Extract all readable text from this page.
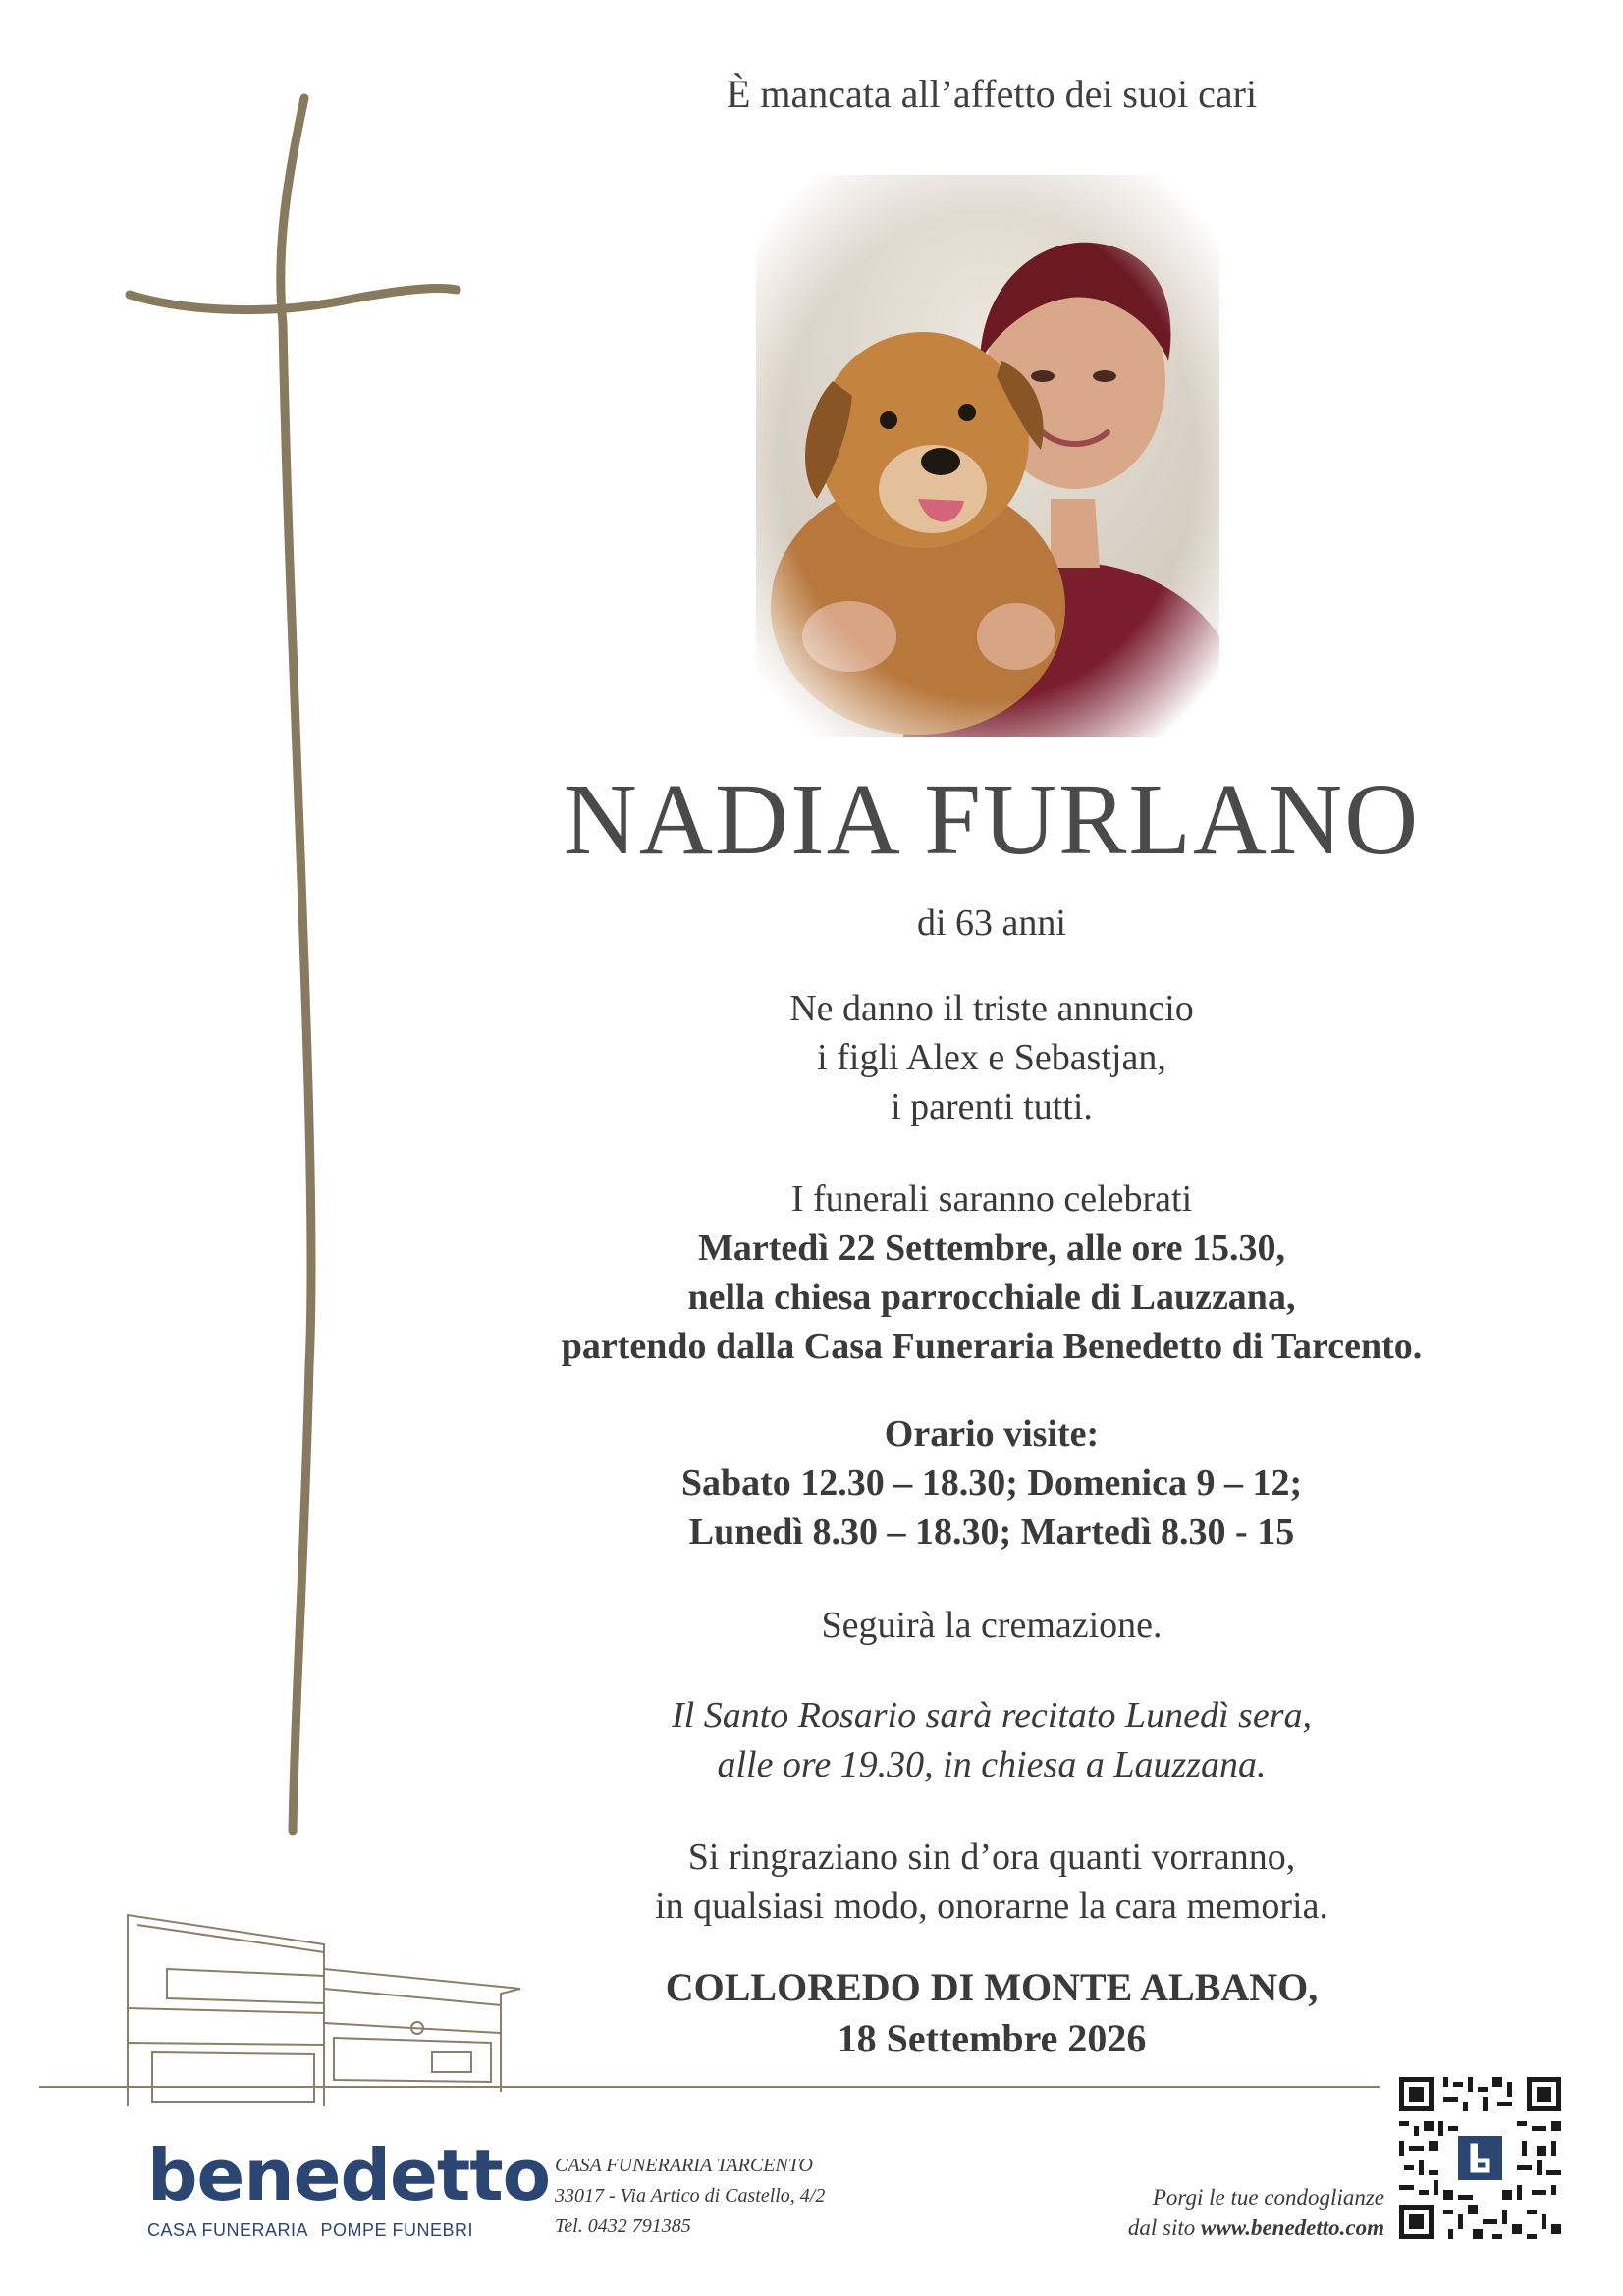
È mancata all’affetto dei suoi cari
NADIA FURLANO
di 63 anni
Ne danno il triste annuncio
i figli Alex e Sebastjan,
i parenti tutti.
I funerali saranno celebrati
Martedì 22 Settembre, alle ore 15.30,
nella chiesa parrocchiale di Lauzzana,
partendo dalla Casa Funeraria Benedetto di Tarcento.
Orario visite:
Sabato 12.30 – 18.30; Domenica 9 – 12;
Lunedì 8.30 – 18.30; Martedì 8.30 - 15
Seguirà la cremazione.
Il Santo Rosario sarà recitato Lunedì sera,
alle ore 19.30, in chiesa a Lauzzana.
Si ringraziano sin d’ora quanti vorranno,
in qualsiasi modo, onorarne la cara memoria.
COLLOREDO DI MONTE ALBANO,
18 Settembre 2026
benedetto
CASA FUNERARIA POMPE FUNEBRI
CASA FUNERARIA TARCENTO
33017 - Via Artico di Castello, 4/2
Tel. 0432 791385
Porgi le tue condoglianze
dal sito www.benedetto.com
